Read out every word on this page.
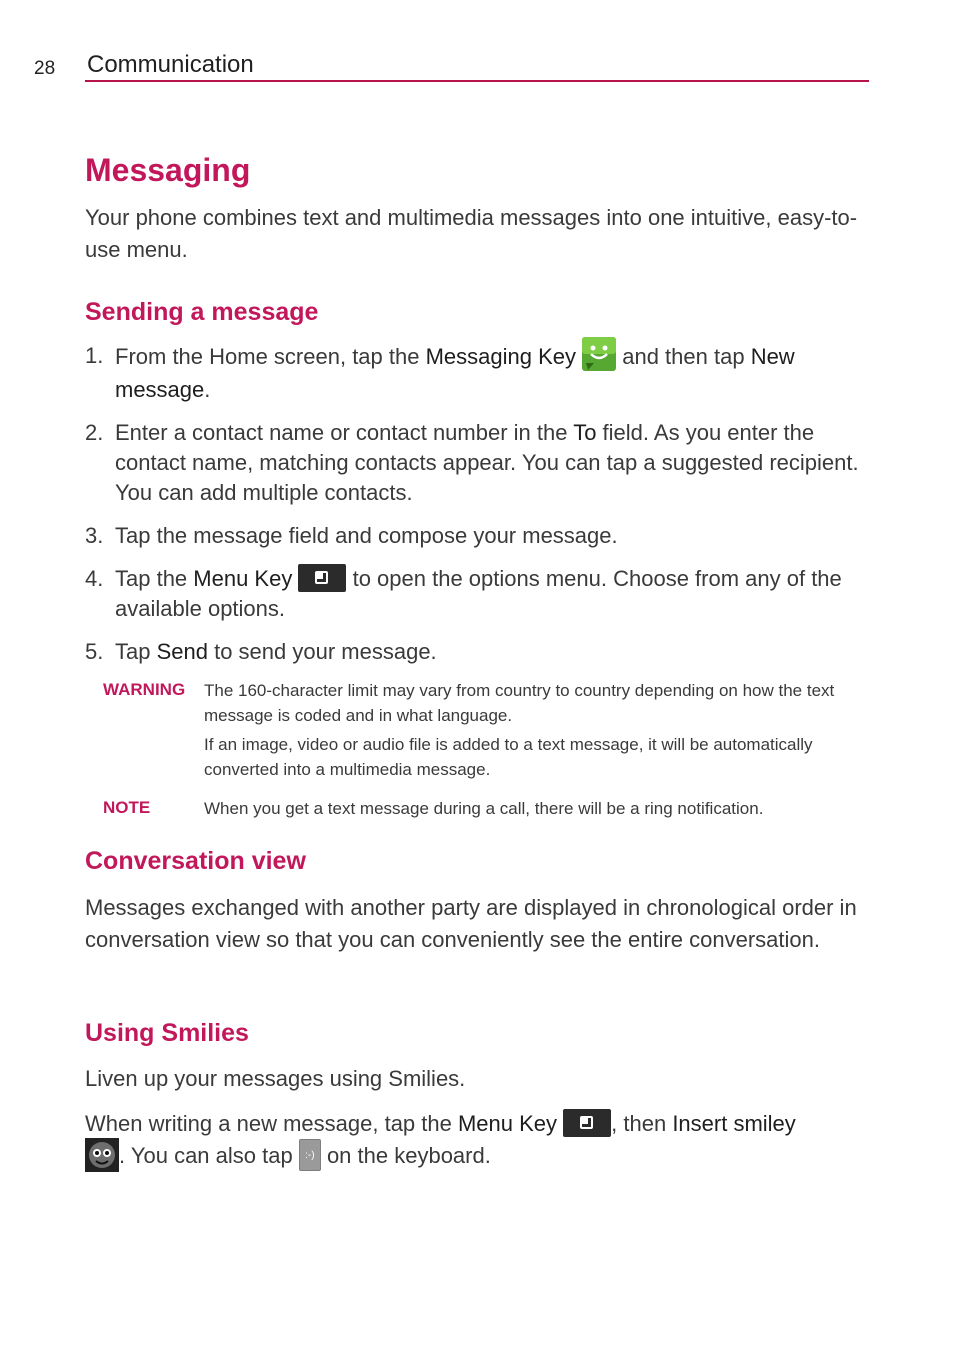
28 Communication
Messaging

Your phone combines text and multimedia messages into one intuitive, easy-to-use menu.

Sending a message
1. From the Home screen, tap the Messaging Key  and then tap New message.
2. Enter a contact name or contact number in the To field. As you enter the contact name, matching contacts appear. You can tap a suggested recipient. You can add multiple contacts.
3. Tap the message field and compose your message.
4. Tap the Menu Key
to open the options menu. Choose from any of the available options.
5. Tap Send to send your message.
WARNING The 160-character limit may vary from country to country depending on how the text message is coded and in what language.

If an image, video or audio file is added to a text message, it will be automatically converted into a multimedia message.

NOTE	When you get a text message during a call, there will be a ring notification.

Conversation view

Messages exchanged with another party are displayed in chronological order in conversation view so that you can conveniently see the entire conversation.

Using Smilies

Liven up your messages using Smilies.

When writing a new message, tap the Menu Key , then Insert smiley
. You can also tap :-) on the keyboard.
